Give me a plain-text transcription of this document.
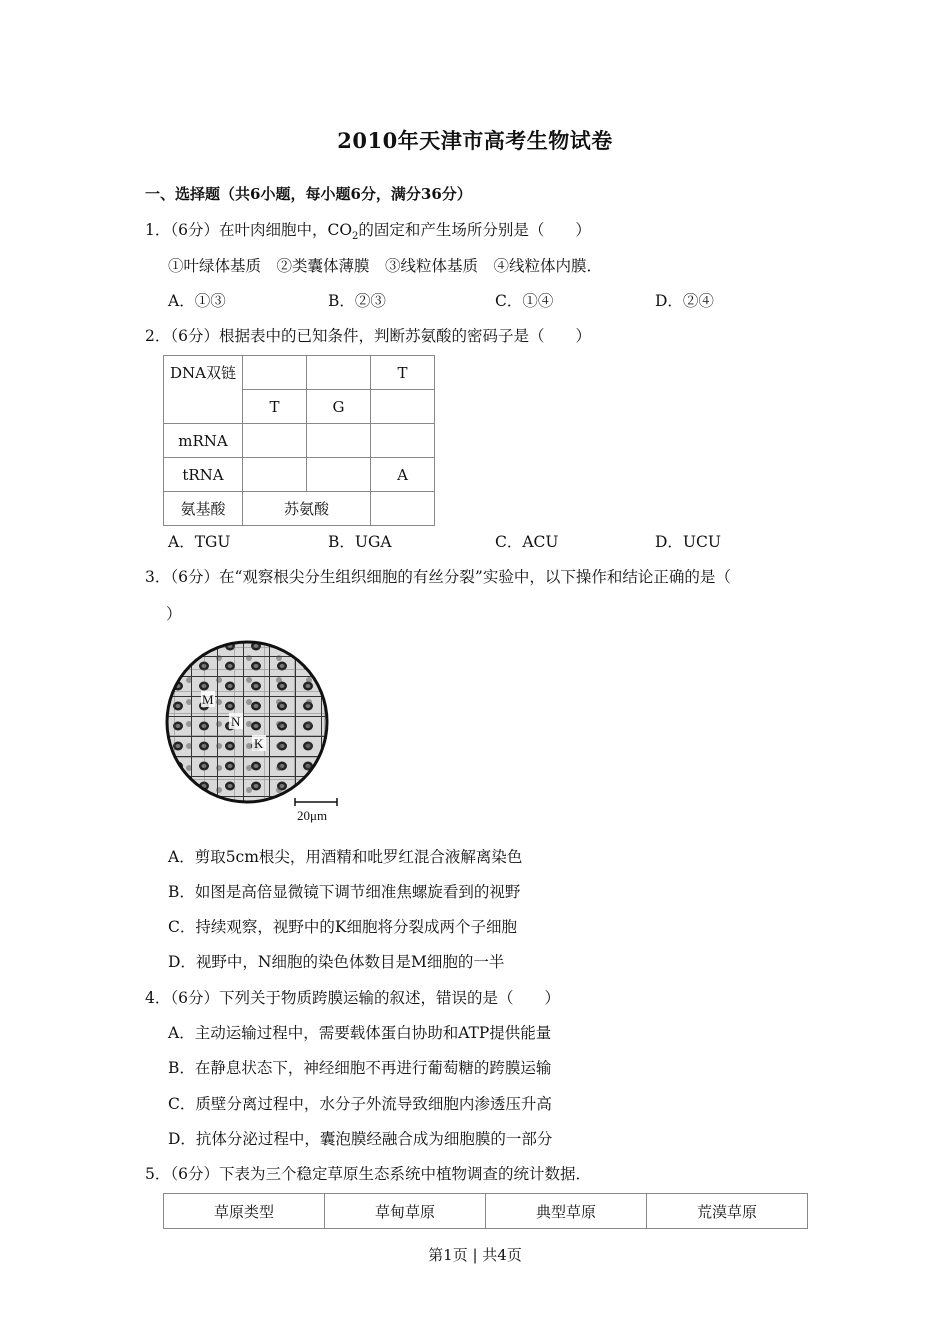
2010年天津市高考生物试卷
一、选择题（共6小题，每小题6分，满分36分）
1．（6分）在叶肉细胞中，$CO_2$的固定和产生场所分别是（　　）
①叶绿体基质　②类囊体薄膜　③线粒体基质　④线粒体内膜．
A．①③	B．②③	C．①④	D．②④
2．（6分）根据表中的已知条件，判断苏氨酸的密码子是（　　）
DNA双链			T
	T	G	
mRNA			
tRNA			A
氨基酸	苏氨酸		
A．TGU	B．UGA	C．ACU	D．UCU
3．（6分）在“观察根尖分生组织细胞的有丝分裂”实验中，以下操作和结论正确的是（
）
M
N
K
20μm
A．剪取5cm根尖，用酒精和吡罗红混合液解离染色
B．如图是高倍显微镜下调节细准焦螺旋看到的视野
C．持续观察，视野中的K细胞将分裂成两个子细胞
D．视野中，N细胞的染色体数目是M细胞的一半
4．（6分）下列关于物质跨膜运输的叙述，错误的是（　　）
A．主动运输过程中，需要载体蛋白协助和ATP提供能量
B．在静息状态下，神经细胞不再进行葡萄糖的跨膜运输
C．质壁分离过程中，水分子外流导致细胞内渗透压升高
D．抗体分泌过程中，囊泡膜经融合成为细胞膜的一部分
5．（6分）下表为三个稳定草原生态系统中植物调查的统计数据．
草原类型	草甸草原	典型草原	荒漠草原
第1页 | 共4页
